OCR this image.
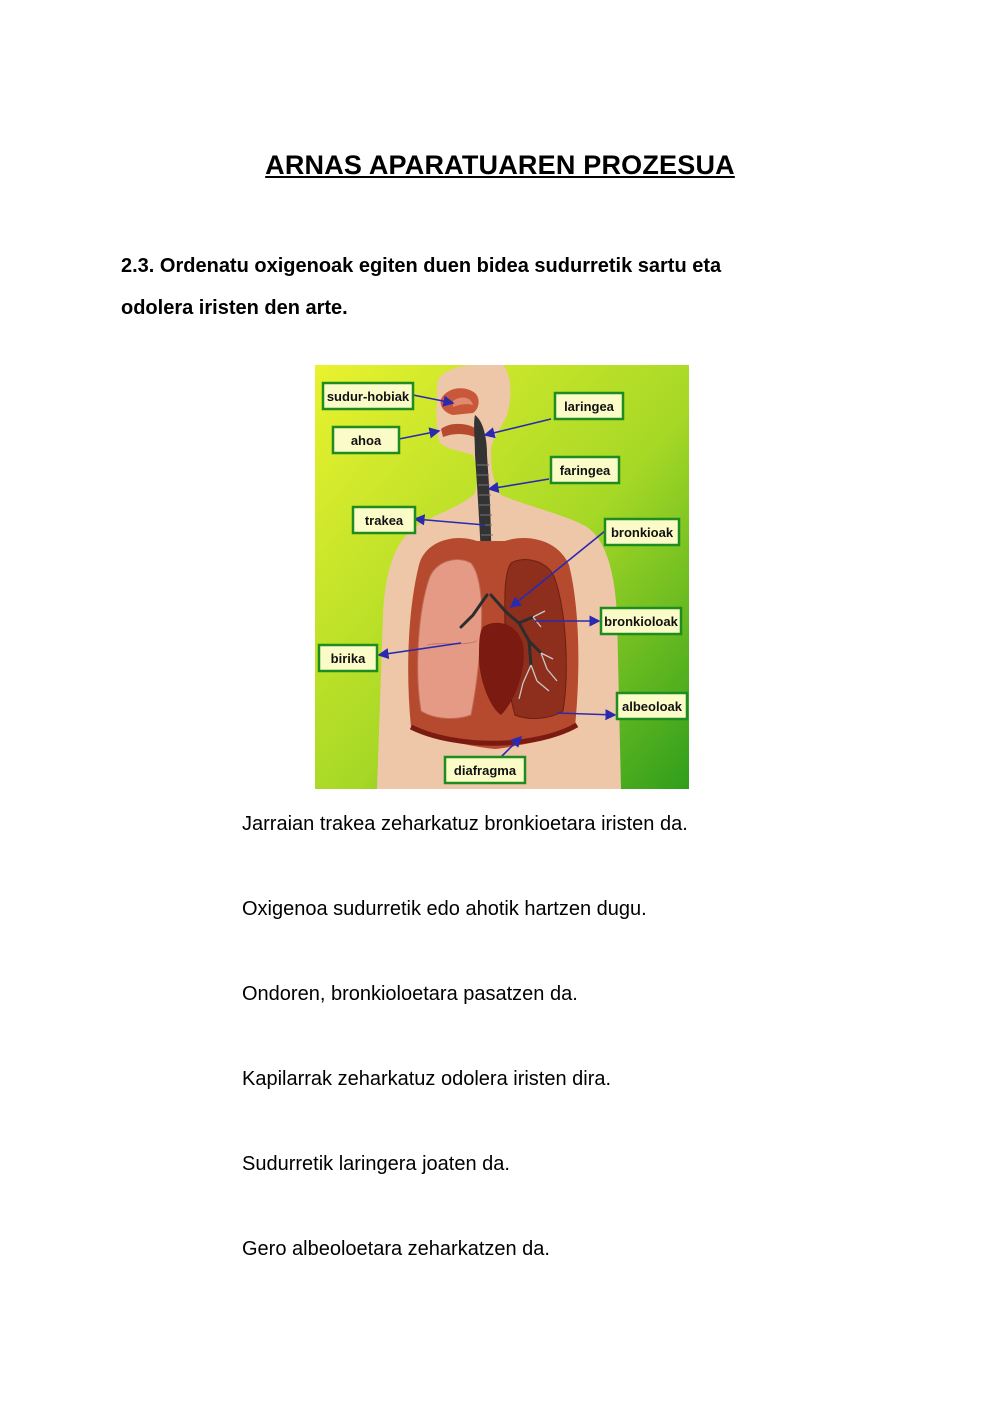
ARNAS APARATUAREN PROZESUA
2.3. Ordenatu oxigenoak egiten duen bidea sudurretik sartu eta
odolera iristen den arte.
sudur-hobiak
ahoa
trakea
birika
laringea
faringea
bronkioak
bronkioloak
albeoloak
diafragma
Jarraian trakea zeharkatuz bronkioetara iristen da.
Oxigenoa sudurretik edo ahotik hartzen dugu.
Ondoren, bronkioloetara pasatzen da.
Kapilarrak zeharkatuz odolera iristen dira.
Sudurretik laringera joaten da.
Gero albeoloetara zeharkatzen da.
